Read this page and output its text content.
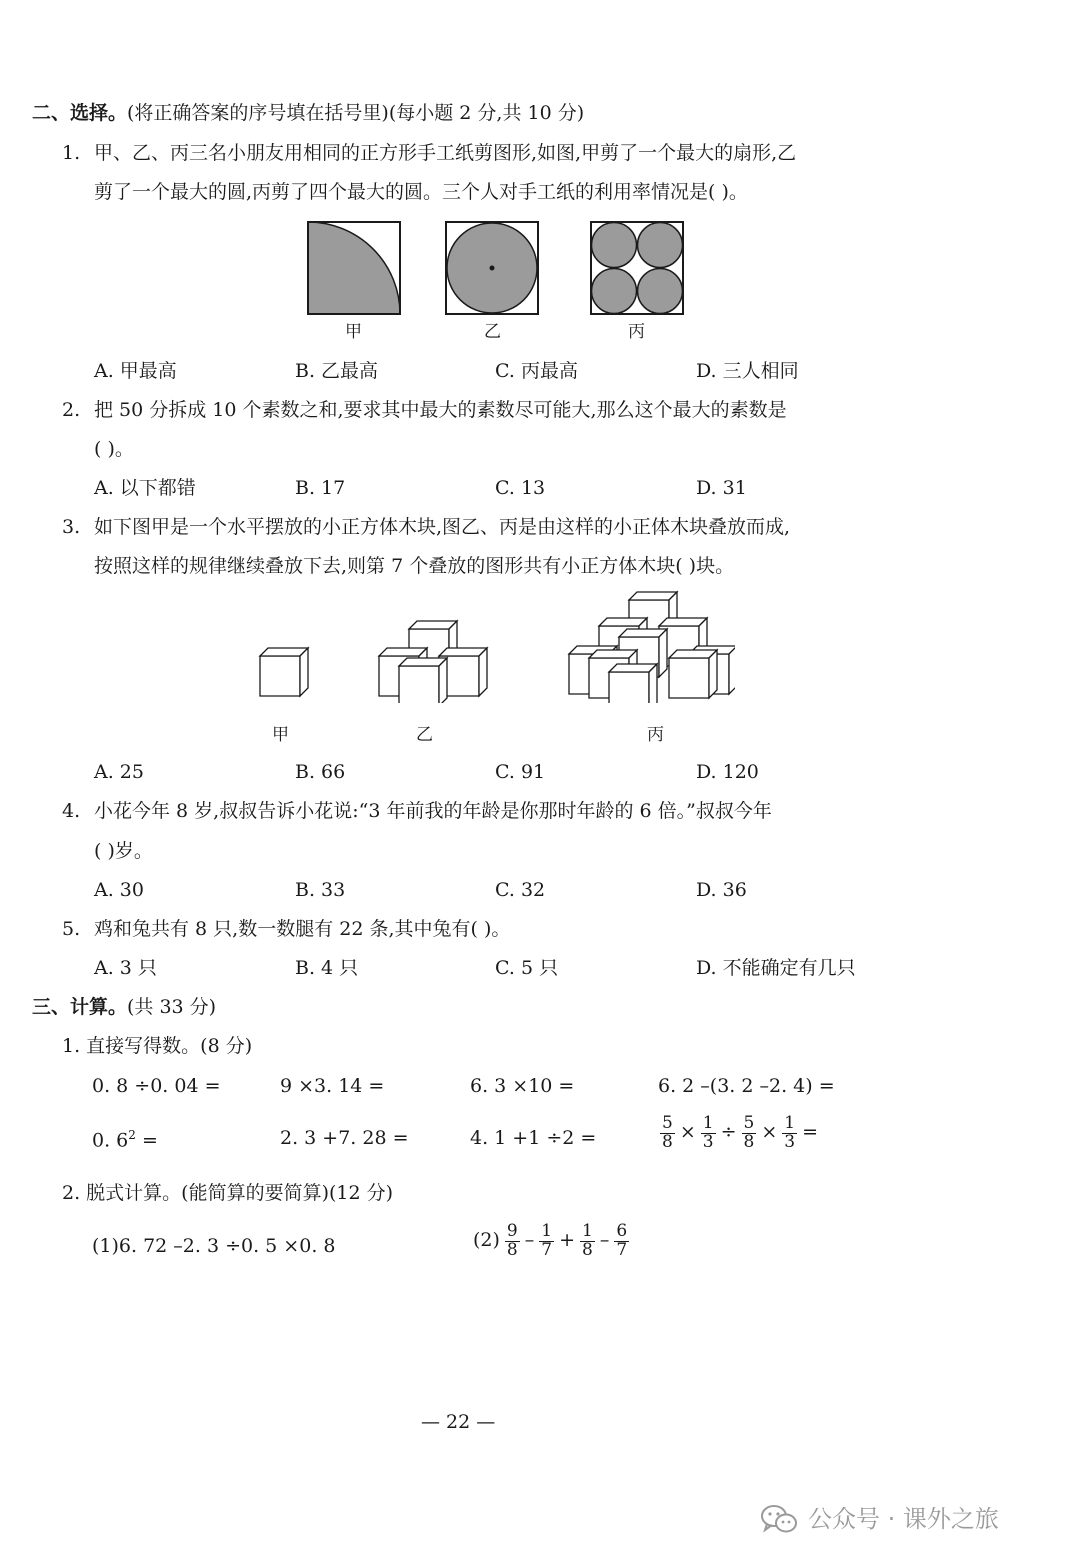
二、选择。(将正确答案的序号填在括号里)(每小题 2 分,共 10 分)
1. 甲、乙、丙三名小朋友用相同的正方形手工纸剪图形,如图,甲剪了一个最大的扇形,乙
剪了一个最大的圆,丙剪了四个最大的圆。三个人对手工纸的利用率情况是( )。
甲	乙	丙
A. 甲最高	B. 乙最高	C. 丙最高	D. 三人相同
2. 把 50 分拆成 10 个素数之和,要求其中最大的素数尽可能大,那么这个最大的素数是
( )。
A. 以下都错	B. 17	C. 13	D. 31
3. 如下图甲是一个水平摆放的小正方体木块,图乙、丙是由这样的小正体木块叠放而成,
按照这样的规律继续叠放下去,则第 7 个叠放的图形共有小正方体木块( )块。
甲	乙	丙
A. 25	B. 66	C. 91	D. 120
4. 小花今年 8 岁,叔叔告诉小花说:“3 年前我的年龄是你那时年龄的 6 倍。”叔叔今年
( )岁。
A. 30	B. 33	C. 32	D. 36
5. 鸡和兔共有 8 只,数一数腿有 22 条,其中兔有( )。
A. 3 只	B. 4 只	C. 5 只	D. 不能确定有几只
三、计算。(共 33 分)
1. 直接写得数。(8 分)
0. 8 ÷0. 04 =	9 ×3. 14 =	6. 3 ×10 =	6. 2 –(3. 2 –2. 4) =
0. $6^2$ =	2. 3 +7. 28 =	4. 1 +1 ÷2 =	$\frac{5}{8} \times \frac{1}{3} \div \frac{5}{8} \times \frac{1}{3}$ =
2. 脱式计算。(能简算的要简算)(12 分)
(1)6. 72 –2. 3 ÷0. 5 ×0. 8	$(2) \frac{9}{8} - \frac{1}{7} + \frac{1}{8} - \frac{6}{7}$
— 22 —
公众号 · 课外之旅
